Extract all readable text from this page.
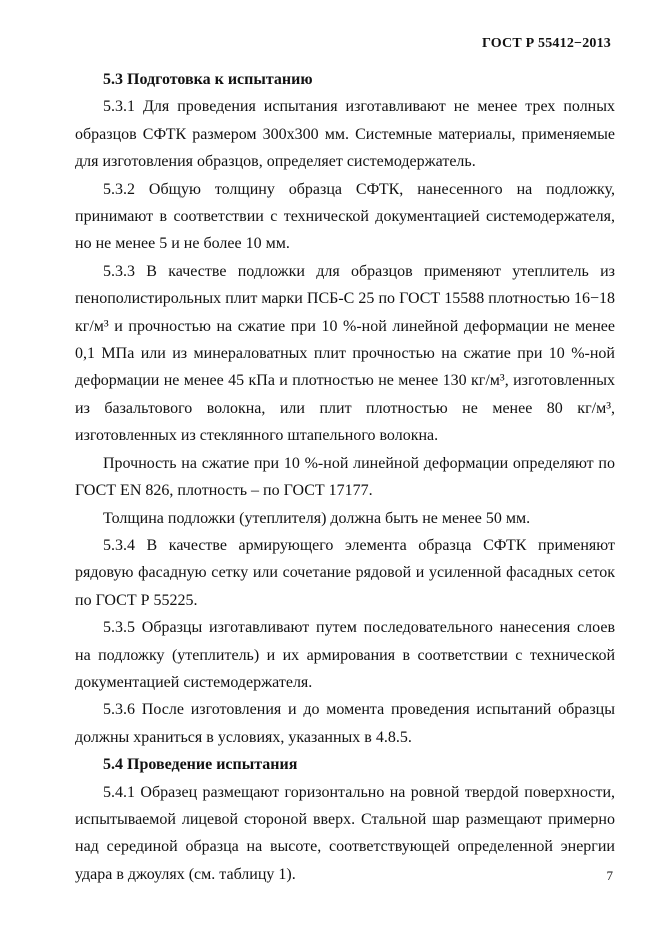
ГОСТ Р 55412−2013
5.3 Подготовка к испытанию

5.3.1 Для проведения испытания изготавливают не менее трех полных образцов СФТК размером 300х300 мм. Системные материалы, применяемые для изготовления образцов, определяет системодержатель.

5.3.2 Общую толщину образца СФТК, нанесенного на подложку, принимают в соответствии с технической документацией системодержателя, но не менее 5 и не более 10 мм.

5.3.3 В качестве подложки для образцов применяют утеплитель из пенополистирольных плит марки ПСБ-С 25 по ГОСТ 15588 плотностью 16−18 кг/м³ и прочностью на сжатие при 10 %-ной линейной деформации не менее 0,1 МПа или из минераловатных плит прочностью на сжатие при 10 %-ной деформации не менее 45 кПа и плотностью не менее 130 кг/м³, изготовленных из базальтового волокна, или плит плотностью не менее 80 кг/м³, изготовленных из стеклянного штапельного волокна.

Прочность на сжатие при 10 %-ной линейной деформации определяют по ГОСТ EN 826, плотность ‒ по ГОСТ 17177.

Толщина подложки (утеплителя) должна быть не менее 50 мм.

5.3.4 В качестве армирующего элемента образца СФТК применяют рядовую фасадную сетку или сочетание рядовой и усиленной фасадных сеток по ГОСТ Р 55225.

5.3.5 Образцы изготавливают путем последовательного нанесения слоев на подложку (утеплитель) и их армирования в соответствии с технической документацией системодержателя.

5.3.6 После изготовления и до момента проведения испытаний образцы должны храниться в условиях, указанных в 4.8.5.

5.4 Проведение испытания

5.4.1 Образец размещают горизонтально на ровной твердой поверхности, испытываемой лицевой стороной вверх. Стальной шар размещают примерно над серединой образца на высоте, соответствующей определенной энергии удара в джоулях (см. таблицу 1).	7
